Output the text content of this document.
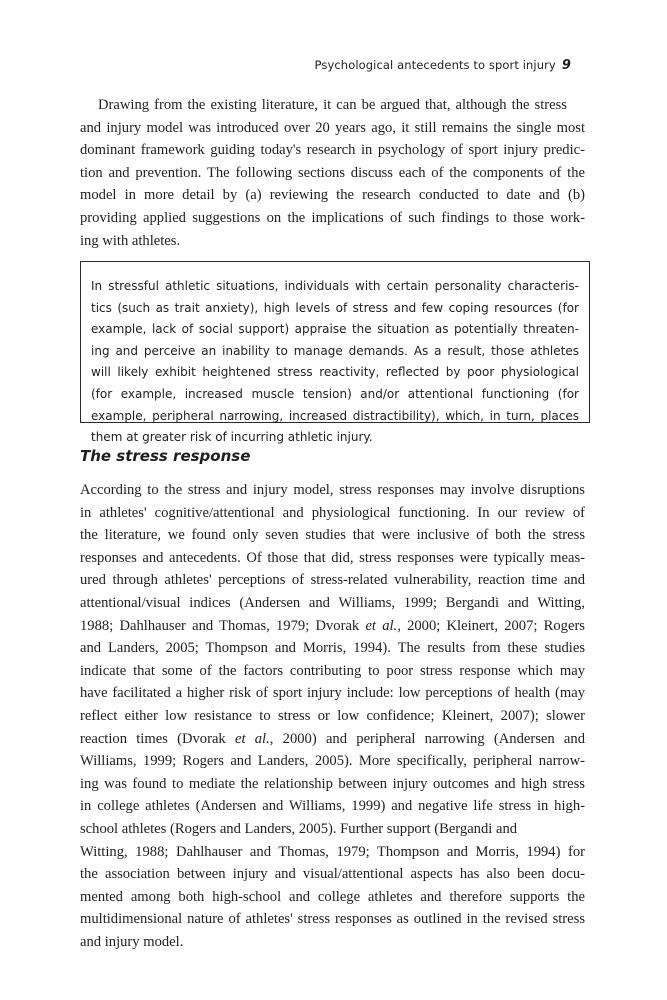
Psychological antecedents to sport injury 9

Drawing from the existing literature, it can be argued that, although the stress
and injury model was introduced over 20 years ago, it still remains the single most
dominant framework guiding today's research in psychology of sport injury predic-
tion and prevention. The following sections discuss each of the components of the
model in more detail by (a) reviewing the research conducted to date and (b)
providing applied suggestions on the implications of such findings to those work-
ing with athletes.

In stressful athletic situations, individuals with certain personality characteris-
tics (such as trait anxiety), high levels of stress and few coping resources (for
example, lack of social support) appraise the situation as potentially threaten-
ing and perceive an inability to manage demands. As a result, those athletes
will likely exhibit heightened stress reactivity, reflected by poor physiological
(for example, increased muscle tension) and/or attentional functioning (for
example, peripheral narrowing, increased distractibility), which, in turn, places
them at greater risk of incurring athletic injury.

The stress response

According to the stress and injury model, stress responses may involve disruptions
in athletes' cognitive/attentional and physiological functioning. In our review of
the literature, we found only seven studies that were inclusive of both the stress
responses and antecedents. Of those that did, stress responses were typically meas-
ured through athletes' perceptions of stress-related vulnerability, reaction time and
attentional/visual indices (Andersen and Williams, 1999; Bergandi and Witting,
1988; Dahlhauser and Thomas, 1979; Dvorak et al., 2000; Kleinert, 2007; Rogers
and Landers, 2005; Thompson and Morris, 1994). The results from these studies
indicate that some of the factors contributing to poor stress response which may
have facilitated a higher risk of sport injury include: low perceptions of health (may
reflect either low resistance to stress or low confidence; Kleinert, 2007); slower
reaction times (Dvorak et al., 2000) and peripheral narrowing (Andersen and
Williams, 1999; Rogers and Landers, 2005). More specifically, peripheral narrow-
ing was found to mediate the relationship between injury outcomes and high stress
in college athletes (Andersen and Williams, 1999) and negative life stress in high-
school athletes (Rogers and Landers, 2005). Further support (Bergandi and
Witting, 1988; Dahlhauser and Thomas, 1979; Thompson and Morris, 1994) for
the association between injury and visual/attentional aspects has also been docu-
mented among both high-school and college athletes and therefore supports the
multidimensional nature of athletes' stress responses as outlined in the revised stress
and injury model.
